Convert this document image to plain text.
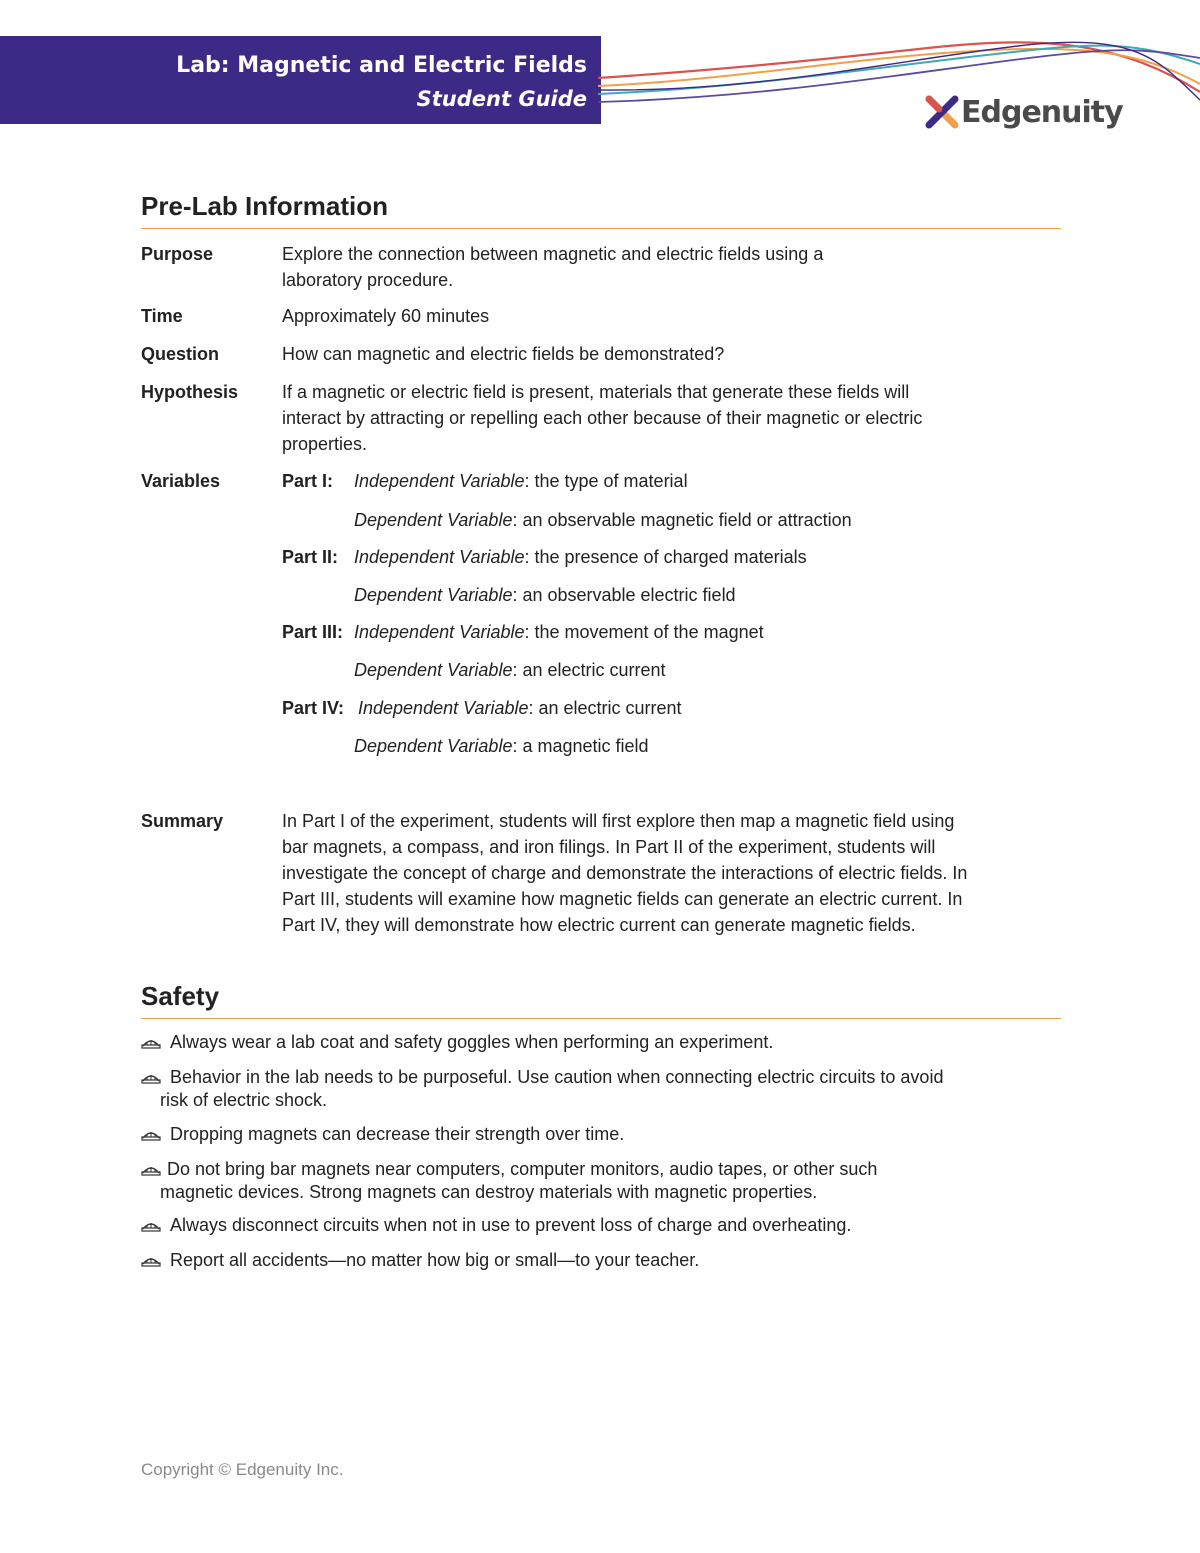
Lab: Magnetic and Electric Fields
Student Guide	Edgenuity
Pre-Lab Information
Purpose	Explore the connection between magnetic and electric fields using a
laboratory procedure.
Time	Approximately 60 minutes
Question	How can magnetic and electric fields be demonstrated?
Hypothesis If a magnetic or electric field is present, materials that generate these fields will
interact by attracting or repelling each other because of their magnetic or electric
properties.
Variables	Part I: Independent Variable: the type of material
Dependent Variable: an observable magnetic field or attraction
Part II: Independent Variable: the presence of charged materials
Dependent Variable: an observable electric field
Part III: Independent Variable: the movement of the magnet
Dependent Variable: an electric current
Part IV: Independent Variable: an electric current
Dependent Variable: a magnetic field
Summary	In Part I of the experiment, students will first explore then map a magnetic field using
bar magnets, a compass, and iron filings. In Part II of the experiment, students will
investigate the concept of charge and demonstrate the interactions of electric fields. In
Part III, students will examine how magnetic fields can generate an electric current. In
Part IV, they will demonstrate how electric current can generate magnetic fields.
Safety
Always wear a lab coat and safety goggles when performing an experiment.
Behavior in the lab needs to be purposeful. Use caution when connecting electric circuits to avoid
risk of electric shock.
Dropping magnets can decrease their strength over time.
Do not bring bar magnets near computers, computer monitors, audio tapes, or other such
magnetic devices. Strong magnets can destroy materials with magnetic properties.
Always disconnect circuits when not in use to prevent loss of charge and overheating.
Report all accidents—no matter how big or small—to your teacher.
Copyright © Edgenuity Inc.
